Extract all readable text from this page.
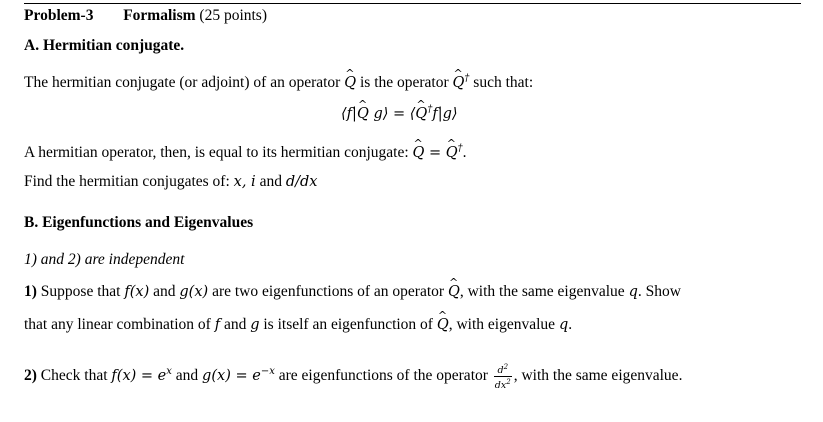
Problem-3 Formalism (25 points)
A. Hermitian conjugate.
The hermitian conjugate (or adjoint) of an operator ^ Q is the operator ^ Q† such that:
⟨f|^ Q g⟩ = ⟨^ Q†f|g⟩
A hermitian operator, then, is equal to its hermitian conjugate: ^ Q = ^ Q†.
Find the hermitian conjugates of: x, i and d/dx
B. Eigenfunctions and Eigenvalues
1) and 2) are independent
1) Suppose that f(x) and g(x) are two eigenfunctions of an operator ^ Q, with the same eigenvalue q. Show
that any linear combination of f and g is itself an eigenfunction of ^ Q, with eigenvalue q.
2) Check that $f(x) = e^x$ and $g(x) = e^{-x}$ are eigenfunctions of the operator $\frac{d^2}{dx^2}$ , with the same eigenvalue.
